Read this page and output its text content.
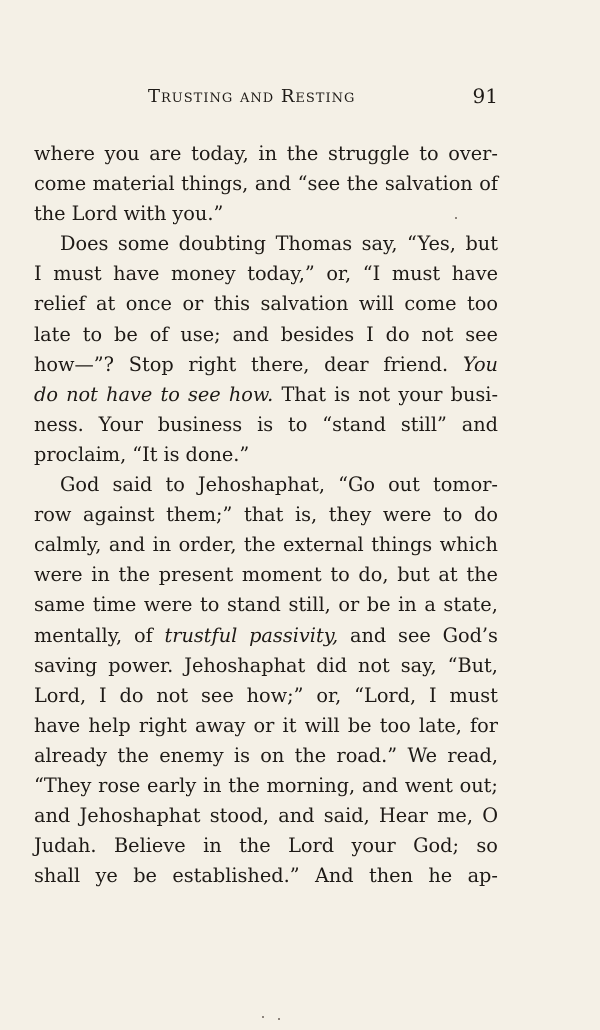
Trusting and Resting	91
where you are today, in the struggle to over-
come material things, and “see the salvation of
the Lord with you.”
Does some doubting Thomas say, “Yes, but
I must have money today,” or, “I must have
relief at once or this salvation will come too
late to be of use; and besides I do not see
how—”? Stop right there, dear friend. You
do not have to see how. That is not your busi-
ness. Your business is to “stand still” and
proclaim, “It is done.”
God said to Jehoshaphat, “Go out tomor-
row against them;” that is, they were to do
calmly, and in order, the external things which
were in the present moment to do, but at the
same time were to stand still, or be in a state,
mentally, of trustful passivity, and see God’s
saving power. Jehoshaphat did not say, “But,
Lord, I do not see how;” or, “Lord, I must
have help right away or it will be too late, for
already the enemy is on the road.” We read,
“They rose early in the morning, and went out;
and Jehoshaphat stood, and said, Hear me, O
Judah. Believe in the Lord your God; so
shall ye be established.” And then he ap-
